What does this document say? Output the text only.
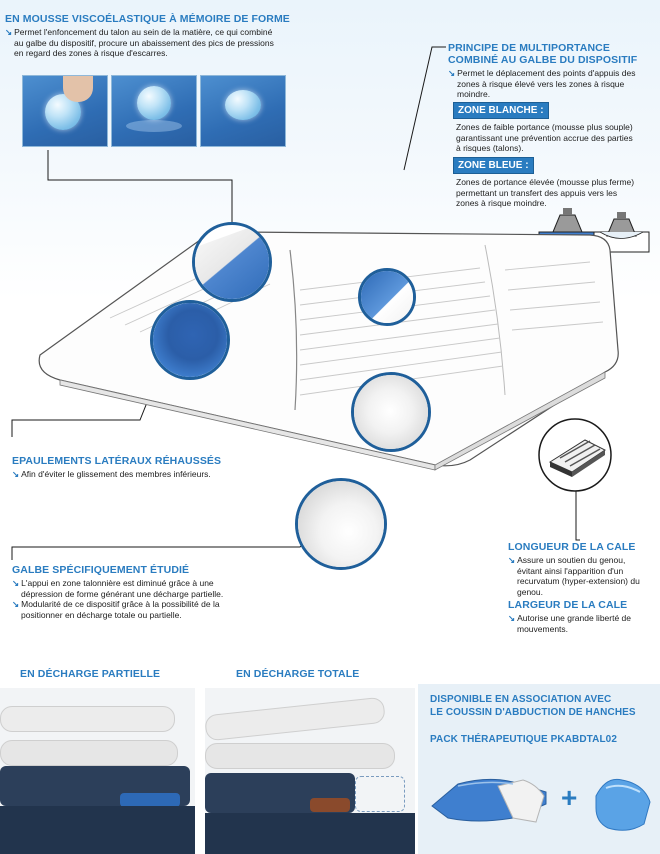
EN MOUSSE VISCOÉLASTIQUE À MÉMOIRE DE FORME
↘ Permet l'enfoncement du talon au sein de la matière, ce qui combiné
au galbe du dispositif, procure un abaissement des pics de pressions
en regard des zones à risque d'escarres.	PRINCIPE DE MULTIPORTANCE
COMBINÉ AU GALBE DU DISPOSITIF
↘ Permet le déplacement des points d'appuis des
zones à risque élevé vers les zones à risque
moindre.
ZONE BLANCHE :
Zones de faible portance (mousse plus souple)
garantissant une prévention accrue des parties
à risques (talons).
ZONE BLEUE :
Zones de portance élevée (mousse plus ferme)
permettant un transfert des appuis vers les
zones à risque moindre.
EPAULEMENTS LATÉRAUX RÉHAUSSÉS
↘ Afin d'éviter le glissement des membres inférieurs.
GALBE SPÉCIFIQUEMENT ÉTUDIÉ
↘ L'appui en zone talonnière est diminué grâce à une
dépression de forme générant une décharge partielle.
↘ Modularité de ce dispositif grâce à la possibilité de la
positionner en décharge totale ou partielle.
LONGUEUR DE LA CALE
↘ Assure un soutien du genou,
évitant ainsi l'apparition d'un
recurvatum (hyper-extension) du
genou.
LARGEUR DE LA CALE
↘ Autorise une grande liberté de
mouvements.
EN DÉCHARGE PARTIELLE	EN DÉCHARGE TOTALE
DISPONIBLE EN ASSOCIATION AVEC
LE COUSSIN D'ABDUCTION DE HANCHES
PACK THÉRAPEUTIQUE PKABDTAL02
+
